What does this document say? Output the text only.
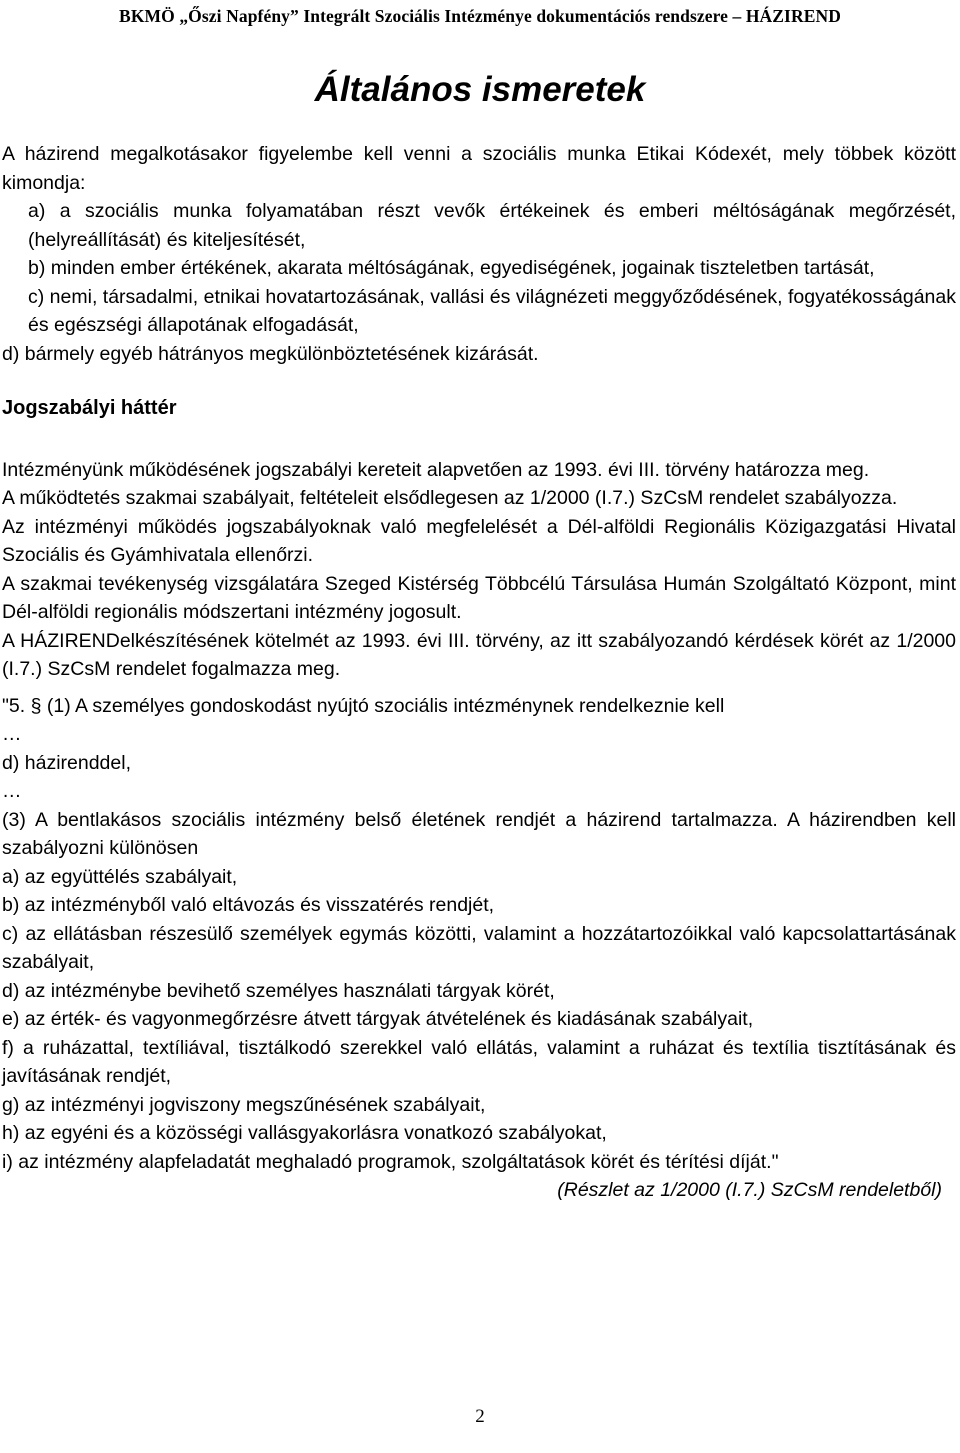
BKMÖ „Őszi Napfény” Integrált Szociális Intézménye dokumentációs rendszere – HÁZIREND
Általános ismeretek

A házirend megalkotásakor figyelembe kell venni a szociális munka Etikai Kódexét, mely többek között kimondja:

a) a szociális munka folyamatában részt vevők értékeinek és emberi méltóságának megőrzését, (helyreállítását) és kiteljesítését,

b) minden ember értékének, akarata méltóságának, egyediségének, jogainak tiszteletben tartását,

c) nemi, társadalmi, etnikai hovatartozásának, vallási és világnézeti meggyőződésének, fogyatékosságának és egészségi állapotának elfogadását,

d) bármely egyéb hátrányos megkülönböztetésének kizárását.

Jogszabályi háttér

Intézményünk működésének jogszabályi kereteit alapvetően az 1993. évi III. törvény határozza meg.

A működtetés szakmai szabályait, feltételeit elsődlegesen az 1/2000 (I.7.) SzCsM rendelet szabályozza.

Az intézményi működés jogszabályoknak való megfelelését a Dél-alföldi Regionális Közigazgatási Hivatal Szociális és Gyámhivatala ellenőrzi.

A szakmai tevékenység vizsgálatára Szeged Kistérség Többcélú Társulása Humán Szolgáltató Központ, mint Dél-alföldi regionális módszertani intézmény jogosult.

A HÁZIRENDelkészítésének kötelmét az 1993. évi III. törvény, az itt szabályozandó kérdések körét az 1/2000 (I.7.) SzCsM rendelet fogalmazza meg.

"5. § (1) A személyes gondoskodást nyújtó szociális intézménynek rendelkeznie kell

…

d) házirenddel,

…

(3) A bentlakásos szociális intézmény belső életének rendjét a házirend tartalmazza. A házirendben kell szabályozni különösen

a) az együttélés szabályait,

b) az intézményből való eltávozás és visszatérés rendjét,

c) az ellátásban részesülő személyek egymás közötti, valamint a hozzátartozóikkal való kapcsolattartásának szabályait,

d) az intézménybe bevihető személyes használati tárgyak körét,

e) az érték- és vagyonmegőrzésre átvett tárgyak átvételének és kiadásának szabályait,

f) a ruházattal, textíliával, tisztálkodó szerekkel való ellátás, valamint a ruházat és textília tisztításának és javításának rendjét,

g) az intézményi jogviszony megszűnésének szabályait,

h) az egyéni és a közösségi vallásgyakorlásra vonatkozó szabályokat,

i) az intézmény alapfeladatát meghaladó programok, szolgáltatások körét és térítési díját."

(Részlet az 1/2000 (I.7.) SzCsM rendeletből)

2
